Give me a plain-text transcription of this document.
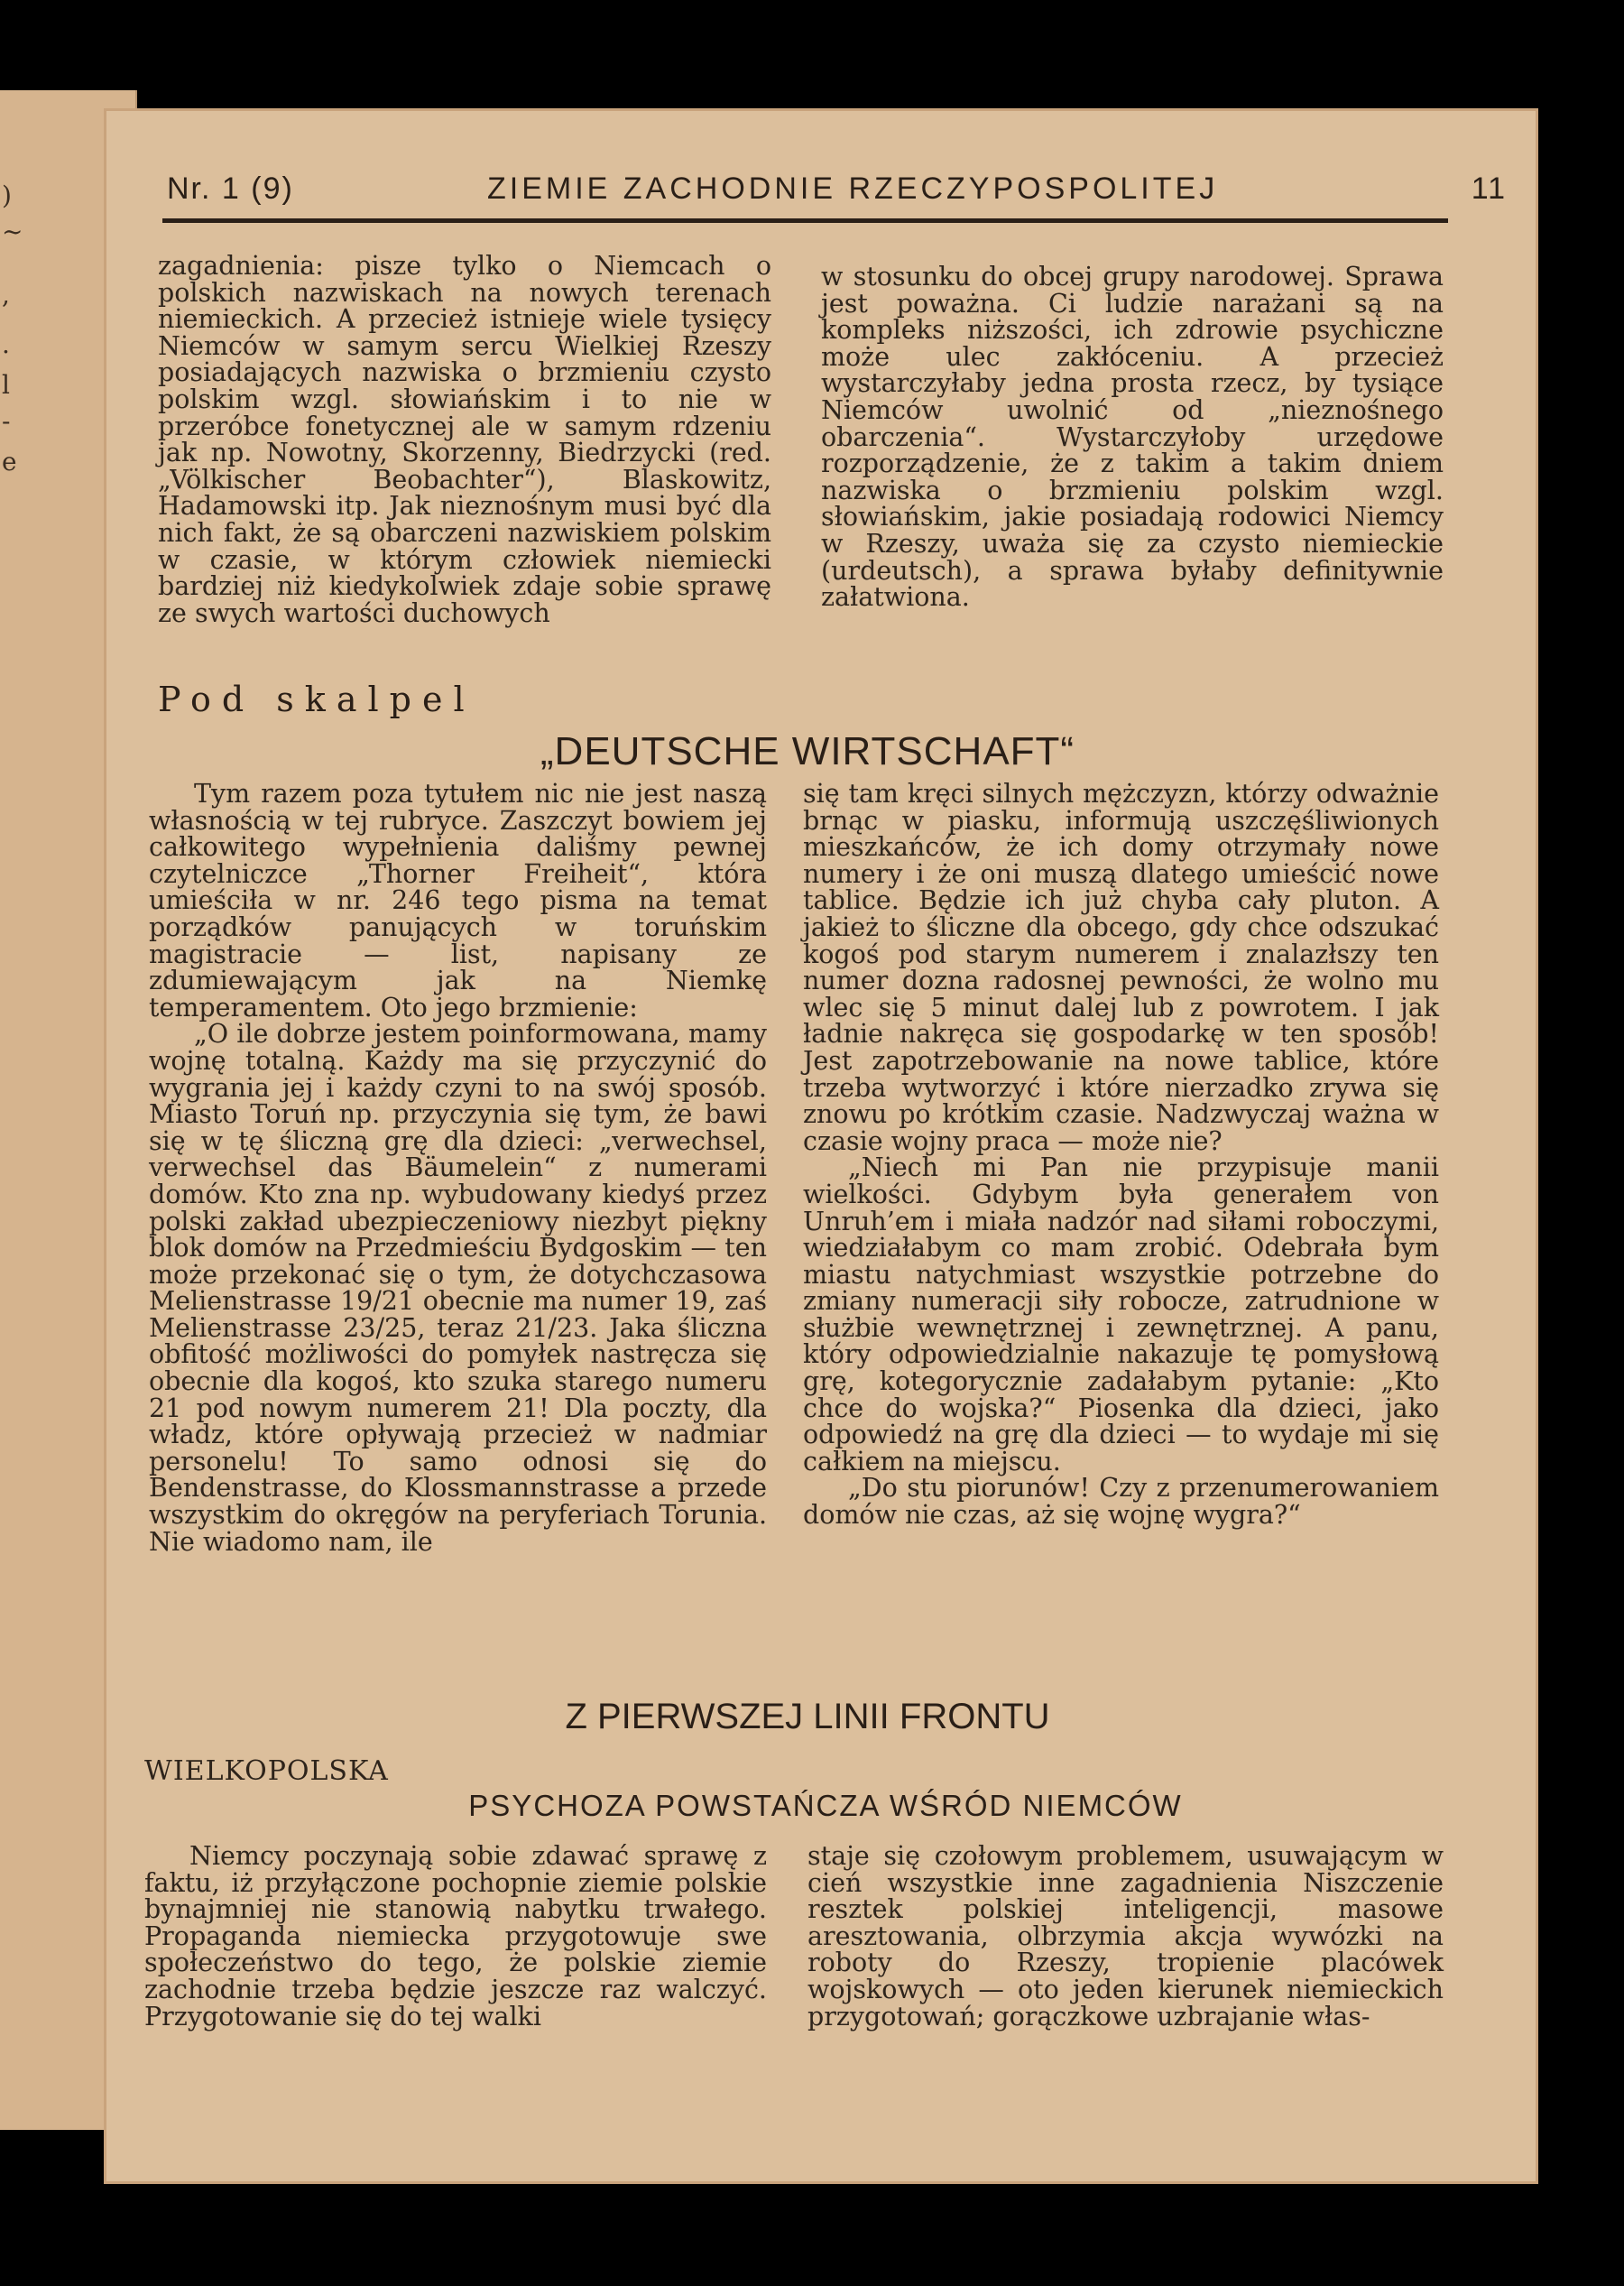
)
~
,
.
l
-
e
Nr. 1 (9)	ZIEMIE ZACHODNIE RZECZYPOSPOLITEJ	11

zagadnienia: pisze tylko o Niemcach o polskich nazwiskach na nowych terenach niemieckich. A przecież istnieje wiele tysięcy Niemców w samym sercu Wielkiej Rzeszy posiadających nazwiska o brzmieniu czysto polskim wzgl. słowiańskim i to nie w przeróbce fonetycznej ale w samym rdzeniu jak np. Nowotny, Skorzenny, Biedrzycki (red. „Völkischer Beobachter“), Blaskowitz, Hadamowski itp. Jak nieznośnym musi być dla nich fakt, że są obarczeni nazwiskiem polskim w czasie, w którym człowiek niemiecki bardziej niż kiedykolwiek zdaje sobie sprawę ze swych wartości duchowych

w stosunku do obcej grupy narodowej. Sprawa jest poważna. Ci ludzie narażani są na kompleks niższości, ich zdrowie psychiczne może ulec zakłóceniu. A przecież wystarczyłaby jedna prosta rzecz, by tysiące Niemców uwolnić od „nieznośnego obarczenia“. Wystarczyłoby urzędowe rozporządzenie, że z takim a takim dniem nazwiska o brzmieniu polskim wzgl. słowiańskim, jakie posiadają rodowici Niemcy w Rzeszy, uważa się za czysto niemieckie (urdeutsch), a sprawa byłaby definitywnie załatwiona.

Pod skalpel
„DEUTSCHE WIRTSCHAFT“

Tym razem poza tytułem nic nie jest naszą własnością w tej rubryce. Zaszczyt bowiem jej całkowitego wypełnienia daliśmy pewnej czytelniczce „Thorner Freiheit“, która umieściła w nr. 246 tego pisma na temat porządków panujących w toruńskim magistracie — list, napisany ze zdumiewającym jak na Niemkę temperamentem. Oto jego brzmienie:

„O ile dobrze jestem poinformowana, mamy wojnę totalną. Każdy ma się przyczynić do wygrania jej i każdy czyni to na swój sposób. Miasto Toruń np. przyczynia się tym, że bawi się w tę śliczną grę dla dzieci: „verwechsel, verwechsel das Bäumelein“ z numerami domów. Kto zna np. wybudowany kiedyś przez polski zakład ubezpieczeniowy niezbyt piękny blok domów na Przedmieściu Bydgoskim — ten może przekonać się o tym, że dotychczasowa Melienstrasse 19/21 obecnie ma numer 19, zaś Melienstrasse 23/25, teraz 21/23. Jaka śliczna obfitość możliwości do pomyłek nastręcza się obecnie dla kogoś, kto szuka starego numeru 21 pod nowym numerem 21! Dla poczty, dla władz, które opływają przecież w nadmiar personelu! To samo odnosi się do Bendenstrasse, do Klossmannstrasse a przede wszystkim do okręgów na peryferiach Torunia. Nie wiadomo nam, ile

się tam kręci silnych mężczyzn, którzy odważnie brnąc w piasku, informują uszczęśliwionych mieszkańców, że ich domy otrzymały nowe numery i że oni muszą dlatego umieścić nowe tablice. Będzie ich już chyba cały pluton. A jakież to śliczne dla obcego, gdy chce odszukać kogoś pod starym numerem i znalazłszy ten numer dozna radosnej pewności, że wolno mu wlec się 5 minut dalej lub z powrotem. I jak ładnie nakręca się gospodarkę w ten sposób! Jest zapotrzebowanie na nowe tablice, które trzeba wytworzyć i które nierzadko zrywa się znowu po krótkim czasie. Nadzwyczaj ważna w czasie wojny praca — może nie?

„Niech mi Pan nie przypisuje manii wielkości. Gdybym była generałem von Unruh’em i miała nadzór nad siłami roboczymi, wiedziałabym co mam zrobić. Odebrała bym miastu natychmiast wszystkie potrzebne do zmiany numeracji siły robocze, zatrudnione w służbie wewnętrznej i zewnętrznej. A panu, który odpowiedzialnie nakazuje tę pomysłową grę, kotegorycznie zadałabym pytanie: „Kto chce do wojska?“ Piosenka dla dzieci, jako odpowiedź na grę dla dzieci — to wydaje mi się całkiem na miejscu.

„Do stu piorunów! Czy z przenumerowaniem domów nie czas, aż się wojnę wygra?“

Z PIERWSZEJ LINII FRONTU
WIELKOPOLSKA
PSYCHOZA POWSTAŃCZA WŚRÓD NIEMCÓW

Niemcy poczynają sobie zdawać sprawę z faktu, iż przyłączone pochopnie ziemie polskie bynajmniej nie stanowią nabytku trwałego. Propaganda niemiecka przygotowuje swe społeczeństwo do tego, że polskie ziemie zachodnie trzeba będzie jeszcze raz walczyć. Przygotowanie się do tej walki

staje się czołowym problemem, usuwającym w cień wszystkie inne zagadnienia Niszczenie resztek polskiej inteligencji, masowe aresztowania, olbrzymia akcja wywózki na roboty do Rzeszy, tropienie placówek wojskowych — oto jeden kierunek niemieckich przygotowań; gorączkowe uzbrajanie włas-
